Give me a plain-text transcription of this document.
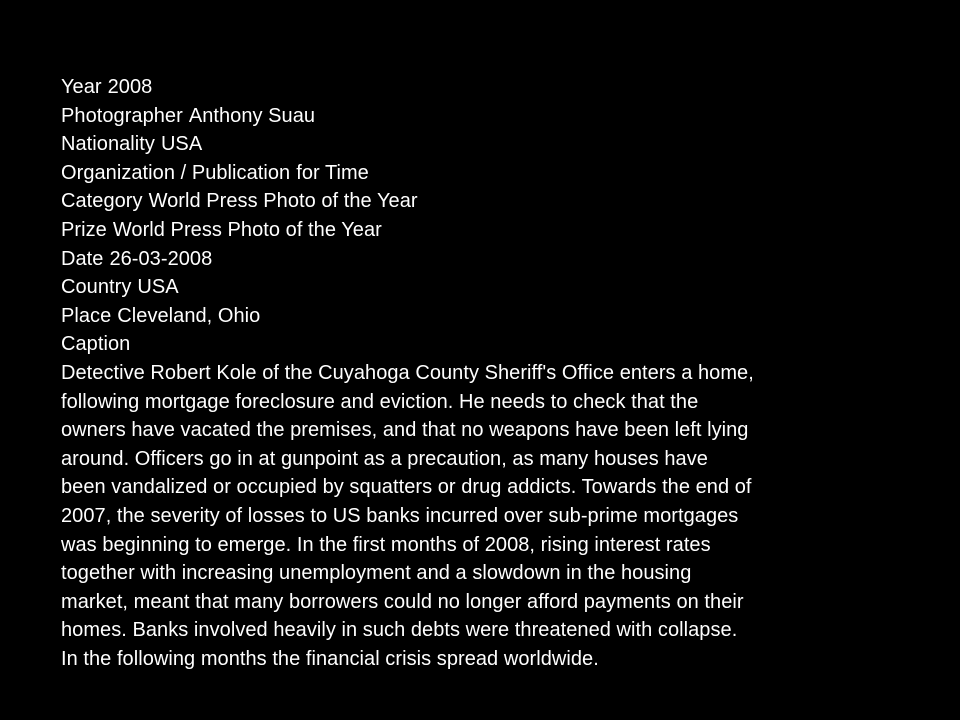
Year 2008

Photographer Anthony Suau

Nationality USA

Organization / Publication for Time

Category World Press Photo of the Year

Prize World Press Photo of the Year

Date 26-03-2008

Country USA

Place Cleveland, Ohio

Caption

Detective Robert Kole of the Cuyahoga County Sheriff's Office enters a home,

following mortgage foreclosure and eviction. He needs to check that the

owners have vacated the premises, and that no weapons have been left lying

around. Officers go in at gunpoint as a precaution, as many houses have

been vandalized or occupied by squatters or drug addicts. Towards the end of

2007, the severity of losses to US banks incurred over sub-prime mortgages

was beginning to emerge. In the first months of 2008, rising interest rates

together with increasing unemployment and a slowdown in the housing

market, meant that many borrowers could no longer afford payments on their

homes. Banks involved heavily in such debts were threatened with collapse.

In the following months the financial crisis spread worldwide.
